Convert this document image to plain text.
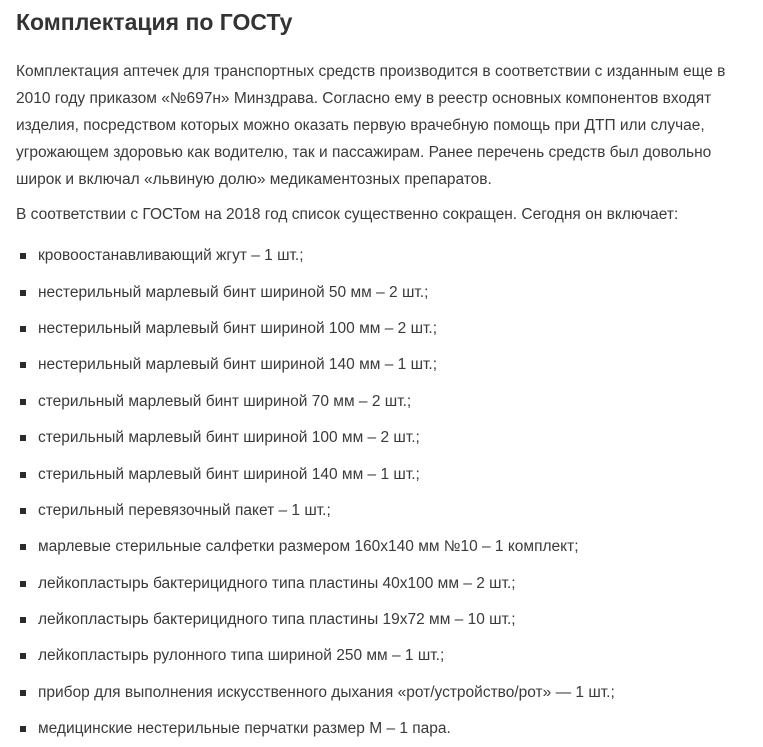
Комплектация по ГОСТу

Комплектация аптечек для транспортных средств производится в соответствии с изданным еще в 2010 году приказом «№697н» Минздрава. Согласно ему в реестр основных компонентов входят изделия, посредством которых можно оказать первую врачебную помощь при ДТП или случае, угрожающем здоровью как водителю, так и пассажирам. Ранее перечень средств был довольно широк и включал «львиную долю» медикаментозных препаратов.

В соответствии с ГОСТом на 2018 год список существенно сокращен. Сегодня он включает:

кровоостанавливающий жгут – 1 шт.;
нестерильный марлевый бинт шириной 50 мм – 2 шт.;
нестерильный марлевый бинт шириной 100 мм – 2 шт.;
нестерильный марлевый бинт шириной 140 мм – 1 шт.;
стерильный марлевый бинт шириной 70 мм – 2 шт.;
стерильный марлевый бинт шириной 100 мм – 2 шт.;
стерильный марлевый бинт шириной 140 мм – 1 шт.;
стерильный перевязочный пакет – 1 шт.;
марлевые стерильные салфетки размером 160х140 мм №10 – 1 комплект;
лейкопластырь бактерицидного типа пластины 40х100 мм – 2 шт.;
лейкопластырь бактерицидного типа пластины 19х72 мм – 10 шт.;
лейкопластырь рулонного типа шириной 250 мм – 1 шт.;
прибор для выполнения искусственного дыхания «рот/устройство/рот» — 1 шт.;
медицинские нестерильные перчатки размер М – 1 пара.
